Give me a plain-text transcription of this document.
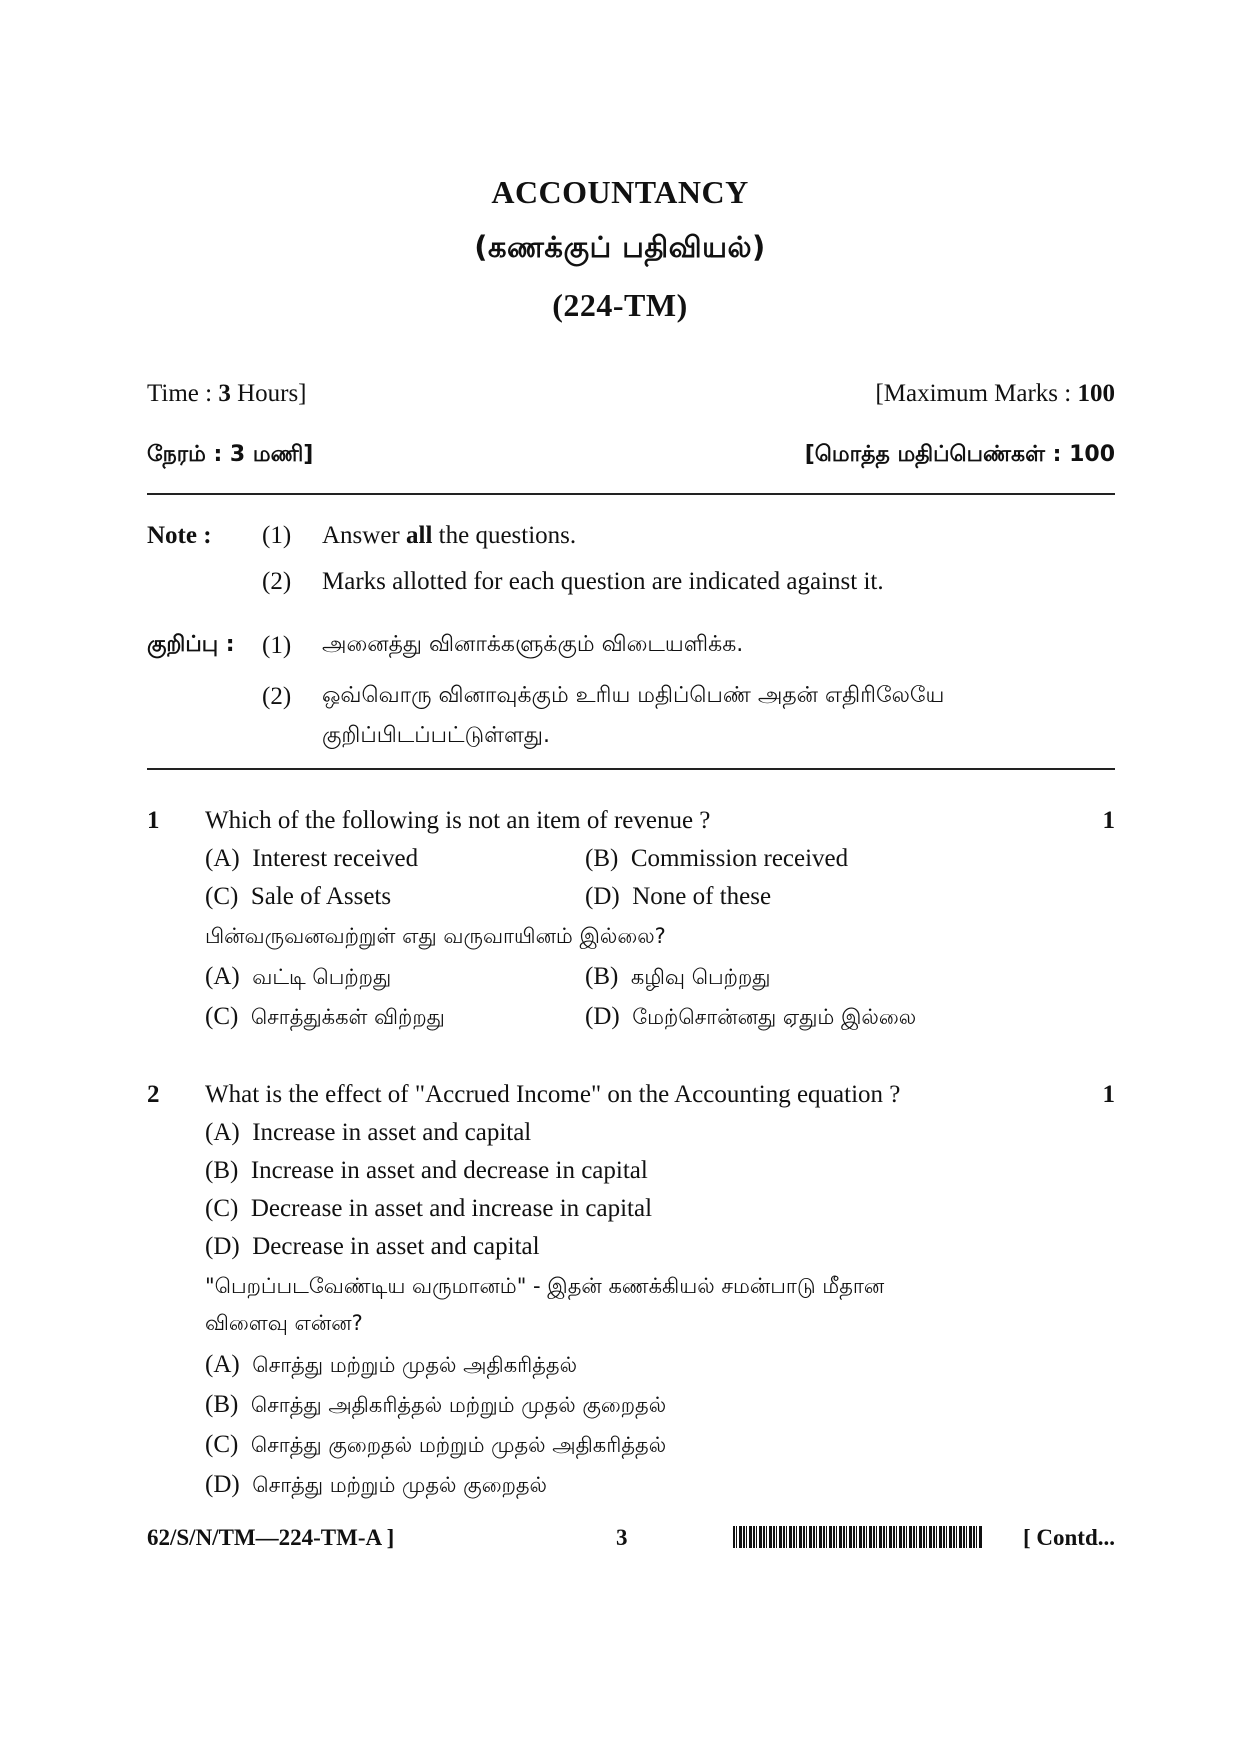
ACCOUNTANCY
(கணக்குப் பதிவியல்)
(224-TM)
Time : 3 Hours]	[Maximum Marks : 100
நேரம் : 3 மணி]	[மொத்த மதிப்பெண்கள் : 100
Note : (1) Answer all the questions.
(2) Marks allotted for each question are indicated against it.
குறிப்பு : (1) அனைத்து வினாக்களுக்கும் விடையளிக்க.
(2) ஒவ்வொரு வினாவுக்கும் உரிய மதிப்பெண் அதன் எதிரிலேயே
குறிப்பிடப்பட்டுள்ளது.
1 Which of the following is not an item of revenue ?	1
(A) Interest received	(B) Commission received
(C) Sale of Assets	(D) None of these
பின்வருவனவற்றுள் எது வருவாயினம் இல்லை?
(A) வட்டி பெற்றது	(B) கழிவு பெற்றது
(C) சொத்துக்கள் விற்றது	(D) மேற்சொன்னது ஏதும் இல்லை
2 What is the effect of "Accrued Income" on the Accounting equation ?	1
(A) Increase in asset and capital
(B) Increase in asset and decrease in capital
(C) Decrease in asset and increase in capital
(D) Decrease in asset and capital
"பெறப்படவேண்டிய வருமானம்" - இதன் கணக்கியல் சமன்பாடு மீதான
விளைவு என்ன?
(A) சொத்து மற்றும் முதல் அதிகரித்தல்
(B) சொத்து அதிகரித்தல் மற்றும் முதல் குறைதல்
(C) சொத்து குறைதல் மற்றும் முதல் அதிகரித்தல்
(D) சொத்து மற்றும் முதல் குறைதல்
62/S/N/TM—224-TM-A ]	3	[ Contd...
